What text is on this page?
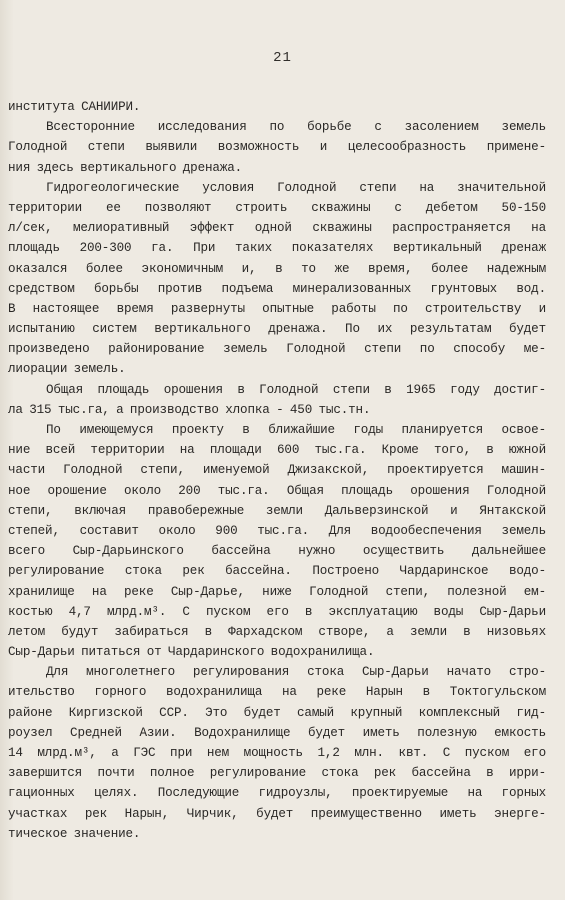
21
института САНИИРИ.
Всесторонние исследования по борьбе с засолением земель
Голодной степи выявили возможность и целесообразность примене-
ния здесь вертикального дренажа.
Гидрогеологические условия Голодной степи на значительной
территории ее позволяют строить скважины с дебетом 50-150
л/сек, мелиоративный эффект одной скважины распространяется на
площадь 200-300 га. При таких показателях вертикальный дренаж
оказался более экономичным и, в то же время, более надежным
средством борьбы против подъема минерализованных грунтовых вод.
В настоящее время развернуты опытные работы по строительству и
испытанию систем вертикального дренажа. По их результатам будет
произведено районирование земель Голодной степи по способу ме-
лиорации земель.
Общая площадь орошения в Голодной степи в 1965 году достиг-
ла 315 тыс.га, а производство хлопка - 450 тыс.тн.
По имеющемуся проекту в ближайшие годы планируется освое-
ние всей территории на площади 600 тыс.га. Кроме того, в южной
части Голодной степи, именуемой Джизакской, проектируется машин-
ное орошение около 200 тыс.га. Общая площадь орошения Голодной
степи, включая правобережные земли Дальверзинской и Янтакской
степей, составит около 900 тыс.га. Для водообеспечения земель
всего Сыр-Дарьинского бассейна нужно осуществить дальнейшее
регулирование стока рек бассейна. Построено Чардаринское водо-
хранилище на реке Сыр-Дарье, ниже Голодной степи, полезной ем-
костью 4,7 млрд.м³. С пуском его в эксплуатацию воды Сыр-Дарьи
летом будут забираться в Фархадском створе, а земли в низовьях
Сыр-Дарьи питаться от Чардаринского водохранилища.
Для многолетнего регулирования стока Сыр-Дарьи начато стро-
ительство горного водохранилища на реке Нарын в Токтогульском
районе Киргизской ССР. Это будет самый крупный комплексный гид-
роузел Средней Азии. Водохранилище будет иметь полезную емкость
14 млрд.м³, а ГЭС при нем мощность 1,2 млн. квт. С пуском его
завершится почти полное регулирование стока рек бассейна в ирри-
гационных целях. Последующие гидроузлы, проектируемые на горных
участках рек Нарын, Чирчик, будет преимущественно иметь энерге-
тическое значение.
